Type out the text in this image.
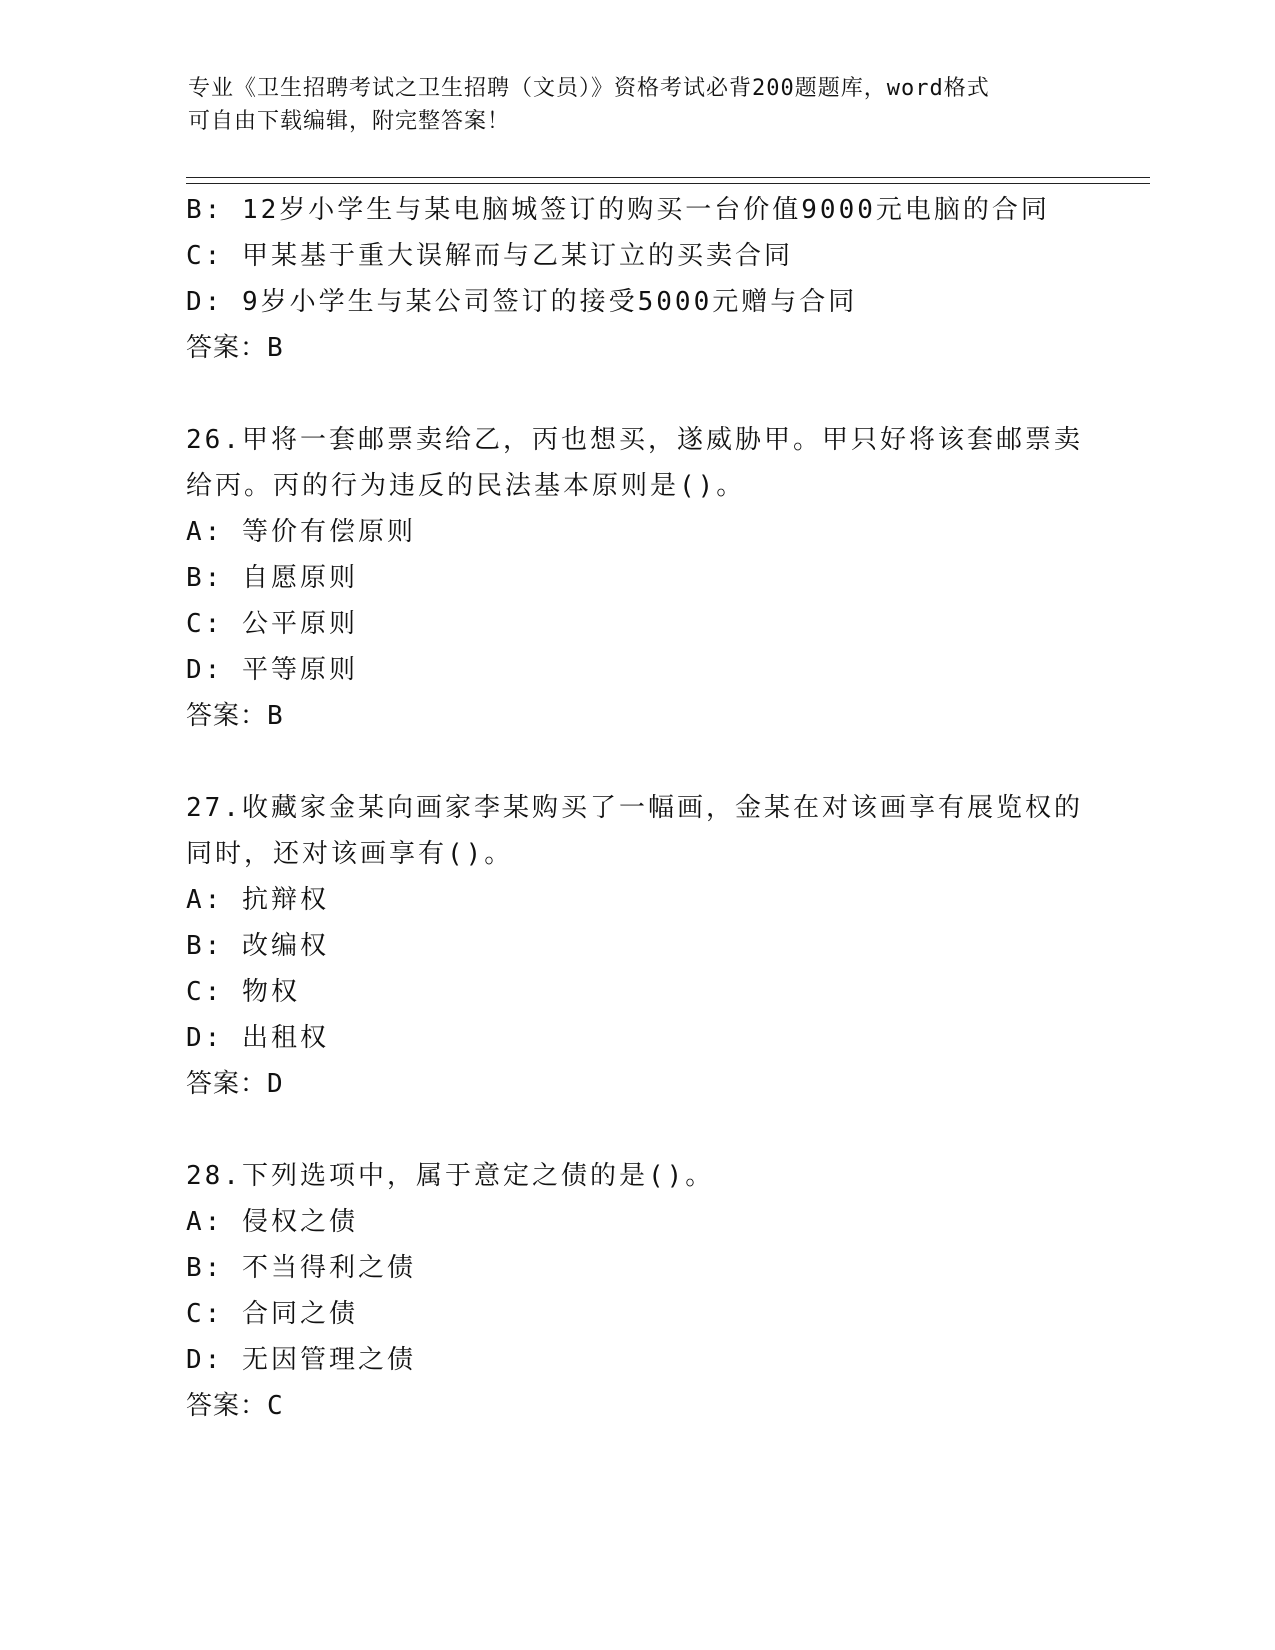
专业《卫生招聘考试之卫生招聘（文员）》资格考试必背200题题库，word格式
可自由下载编辑，附完整答案！
B: 12岁小学生与某电脑城签订的购买一台价值9000元电脑的合同
C: 甲某基于重大误解而与乙某订立的买卖合同
D: 9岁小学生与某公司签订的接受5000元赠与合同
答案：B
26.甲将一套邮票卖给乙，丙也想买，遂威胁甲。甲只好将该套邮票卖
给丙。丙的行为违反的民法基本原则是()。
A: 等价有偿原则
B: 自愿原则
C: 公平原则
D: 平等原则
答案：B
27.收藏家金某向画家李某购买了一幅画，金某在对该画享有展览权的
同时，还对该画享有()。
A: 抗辩权
B: 改编权
C: 物权
D: 出租权
答案：D
28.下列选项中，属于意定之债的是()。
A: 侵权之债
B: 不当得利之债
C: 合同之债
D: 无因管理之债
答案：C
